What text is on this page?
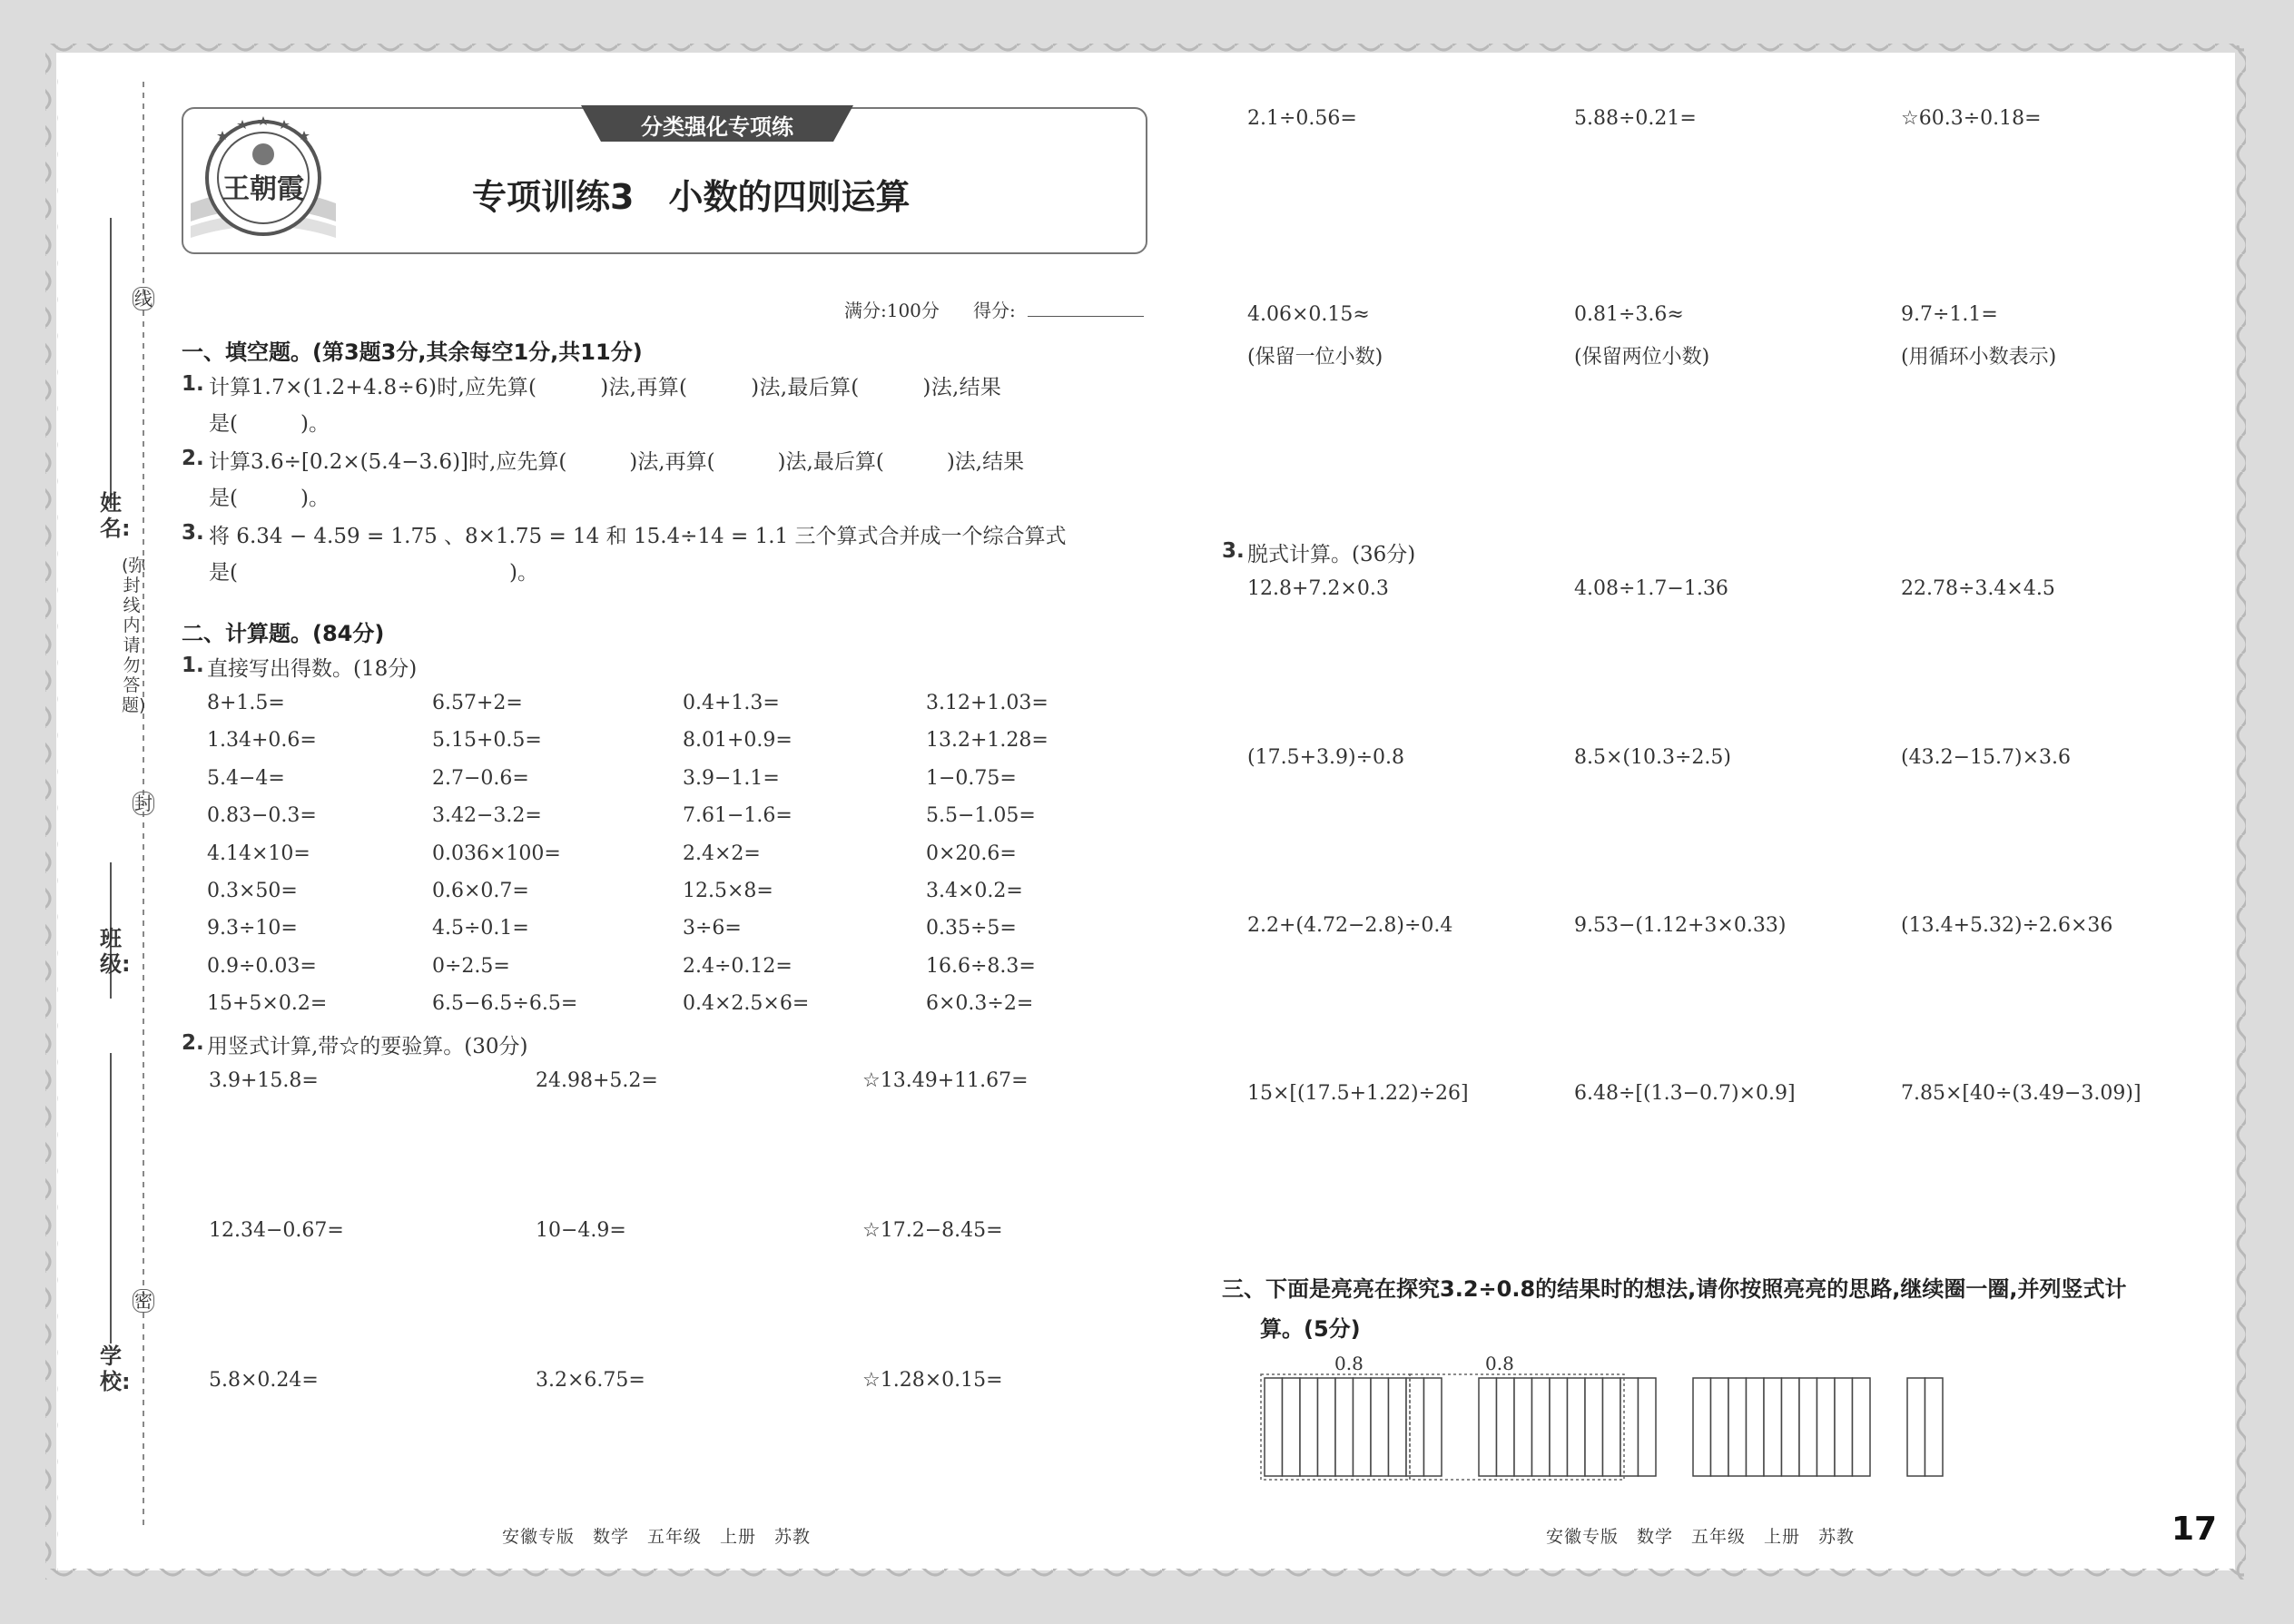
姓名:
班级:
学校:
线
封
密
(弥封线内请勿答题)
分类强化专项练
专项训练3　小数的四则运算
王朝霞
满分:100分 得分:
一、填空题。(第3题3分,其余每空1分,共11分)
1. 计算1.7×(1.2+4.8÷6)时,应先算(　　　)法,再算(　　　)法,最后算(　　　)法,结果
是(　　　)。
2. 计算3.6÷[0.2×(5.4−3.6)]时,应先算(　　　)法,再算(　　　)法,最后算(　　　)法,结果
是(　　　)。
3. 将 6.34 − 4.59 = 1.75 、8×1.75 = 14 和 15.4÷14 = 1.1 三个算式合并成一个综合算式
是(　　　　　　　　　　　　　)。
二、计算题。(84分)
1. 直接写出得数。(18分)
8+1.5=	6.57+2=	0.4+1.3=	3.12+1.03=
1.34+0.6=	5.15+0.5=	8.01+0.9=	13.2+1.28=
5.4−4=	2.7−0.6=	3.9−1.1=	1−0.75=
0.83−0.3=	3.42−3.2=	7.61−1.6=	5.5−1.05=
4.14×10=	0.036×100=	2.4×2=	0×20.6=
0.3×50=	0.6×0.7=	12.5×8=	3.4×0.2=
9.3÷10=	4.5÷0.1=	3÷6=	0.35÷5=
0.9÷0.03=	0÷2.5=	2.4÷0.12=	16.6÷8.3=
15+5×0.2=	6.5−6.5÷6.5=	0.4×2.5×6=	6×0.3÷2=
2. 用竖式计算,带☆的要验算。(30分)
3.9+15.8=	24.98+5.2=	☆13.49+11.67=
12.34−0.67=	10−4.9=	☆17.2−8.45=
5.8×0.24=	3.2×6.75=	☆1.28×0.15=
2.1÷0.56=	5.88÷0.21=	☆60.3÷0.18=
4.06×0.15≈	0.81÷3.6≈	9.7÷1.1=
(保留一位小数)	(保留两位小数)	(用循环小数表示)
3. 脱式计算。(36分)
12.8+7.2×0.3	4.08÷1.7−1.36	22.78÷3.4×4.5
(17.5+3.9)÷0.8	8.5×(10.3÷2.5)	(43.2−15.7)×3.6
2.2+(4.72−2.8)÷0.4	9.53−(1.12+3×0.33)	(13.4+5.32)÷2.6×36
15×[(17.5+1.22)÷26]	6.48÷[(1.3−0.7)×0.9]	7.85×[40÷(3.49−3.09)]
三、下面是亮亮在探究3.2÷0.8的结果时的想法,请你按照亮亮的思路,继续圈一圈,并列竖式计
算。(5分)
0.8	0.8
安徽专版　数学　五年级　上册　苏教	安徽专版　数学　五年级　上册　苏教	17
